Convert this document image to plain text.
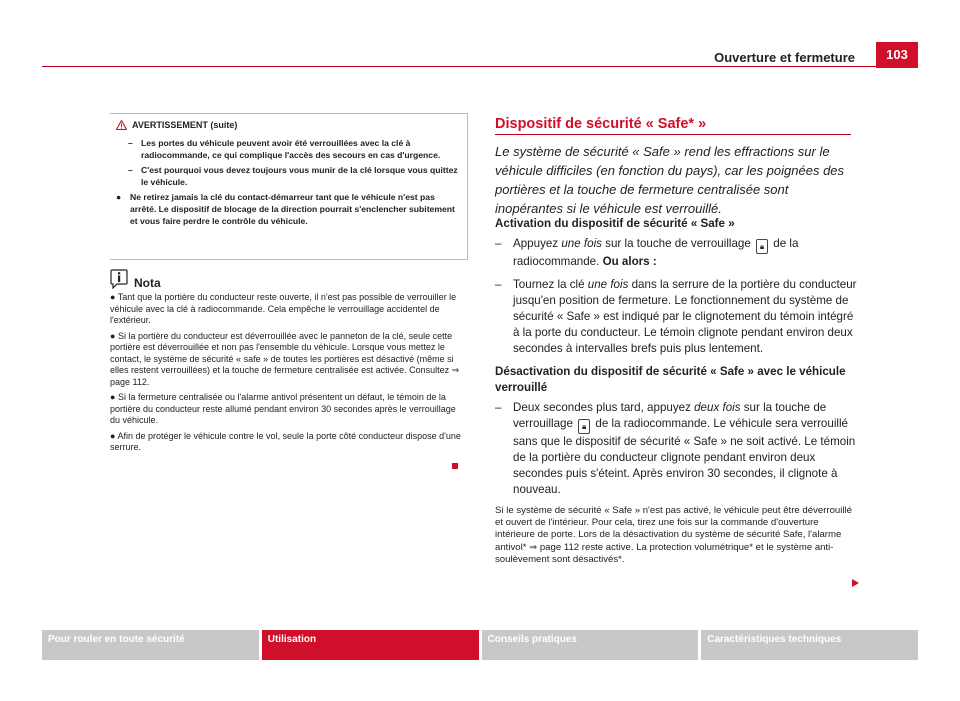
Ouverture et fermeture	103
AVERTISSEMENT (suite)
– Les portes du véhicule peuvent avoir été verrouillées avec la clé à radiocommande, ce qui complique l'accès des secours en cas d'urgence.
– C'est pourquoi vous devez toujours vous munir de la clé lorsque vous quittez le véhicule.
●	Ne retirez jamais la clé du contact-démarreur tant que le véhicule n'est pas arrêté. Le dispositif de blocage de la direction pourrait s'enclencher subitement et vous faire perdre le contrôle du véhicule.
Nota
● Tant que la portière du conducteur reste ouverte, il n'est pas possible de verrouiller le véhicule avec la clé à radiocommande. Cela empêche le verrouillage accidentel de l'extérieur.
● Si la portière du conducteur est déverrouillée avec le panneton de la clé, seule cette portière est déverrouillée et non pas l'ensemble du véhicule. Lorsque vous mettez le contact, le système de sécurité « safe » de toutes les portières est désactivé (même si elles restent verrouillées) et la touche de fermeture centralisée est activée. Consultez ⇒ page 112.
● Si la fermeture centralisée ou l'alarme antivol présentent un défaut, le témoin de la portière du conducteur reste allumé pendant environ 30 secondes après le verrouillage du véhicule.
● Afin de protéger le véhicule contre le vol, seule la porte côté conducteur dispose d'une serrure.
Dispositif de sécurité « Safe* »
Le système de sécurité « Safe » rend les effractions sur le véhicule difficiles (en fonction du pays), car les poignées des portières et la touche de fermeture centralisée sont inopérantes si le véhicule est verrouillé.
Activation du dispositif de sécurité « Safe »
– Appuyez une fois sur la touche de verrouillage 🔒︎ de la radiocommande. Ou alors :
– Tournez la clé une fois dans la serrure de la portière du conducteur jusqu'en position de fermeture. Le fonctionnement du système de sécurité « Safe » est indiqué par le clignotement du témoin intégré à la porte du conducteur. Le témoin clignote pendant environ deux secondes à intervalles brefs puis plus lentement.
Désactivation du dispositif de sécurité « Safe » avec le véhicule verrouillé
– Deux secondes plus tard, appuyez deux fois sur la touche de verrouillage 🔒︎ de la radiocommande. Le véhicule sera verrouillé sans que le dispositif de sécurité « Safe » ne soit activé. Le témoin de la portière du conducteur clignote pendant environ deux secondes puis s'éteint. Après environ 30 secondes, il clignote à nouveau.
Si le système de sécurité « Safe » n'est pas activé, le véhicule peut être déverrouillé et ouvert de l'intérieur. Pour cela, tirez une fois sur la commande d'ouverture intérieure de porte. Lors de la désactivation du système de sécurité Safe, l'alarme antivol* ⇒ page 112 reste active. La protection volumétrique* et le système anti-soulèvement sont désactivés*.
Pour rouler en toute sécurité	Utilisation	Conseils pratiques	Caractéristiques techniques
